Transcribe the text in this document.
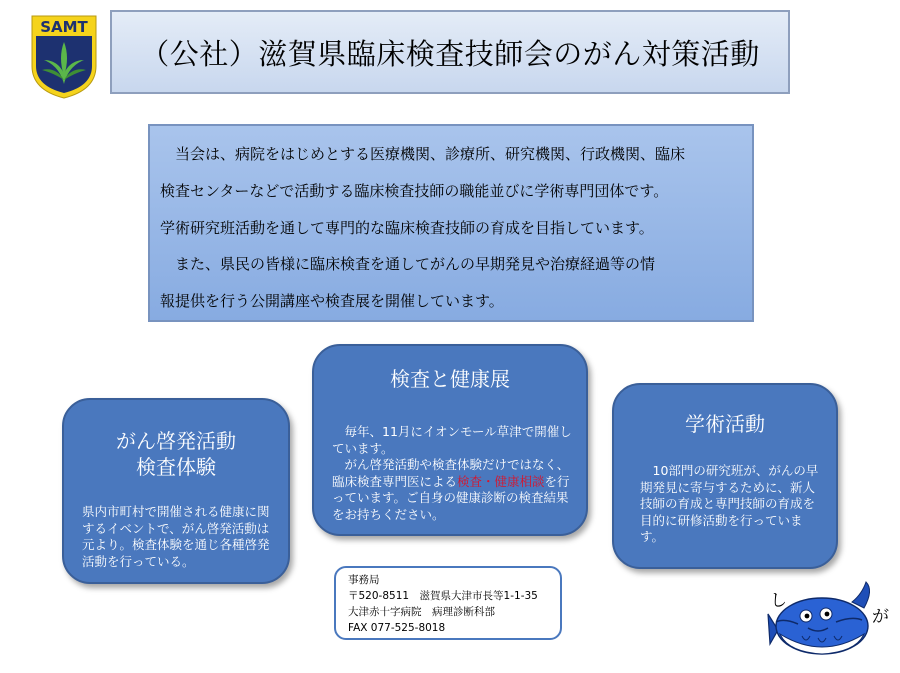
SAMT
（公社）滋賀県臨床検査技師会のがん対策活動

当会は、病院をはじめとする医療機関、診療所、研究機関、行政機関、臨床
検査センターなどで活動する臨床検査技師の職能並びに学術専門団体です。
学術研究班活動を通して専門的な臨床検査技師の育成を目指しています。

また、県民の皆様に臨床検査を通してがんの早期発見や治療経過等の情
報提供を行う公開講座や検査展を開催しています。

がん啓発活動
検査体験
県内市町村で開催される健康に関するイベントで、がん啓発活動は元より。検査体験を通じ各種啓発活動を行っている。
検査と健康展
　毎年、11月にイオンモール草津で開催しています。
　がん啓発活動や検査体験だけではなく、臨床検査専門医による検査・健康相談を行っています。ご自身の健康診断の検査結果をお持ちください。
学術活動
　10部門の研究班が、がんの早期発見に寄与するために、新人技師の育成と専門技師の育成を目的に研修活動を行っています。
事務局
〒520-8511　滋賀県大津市長等1-1-35
大津赤十字病院　病理診断科部
FAX 077-525-8018
し
が
